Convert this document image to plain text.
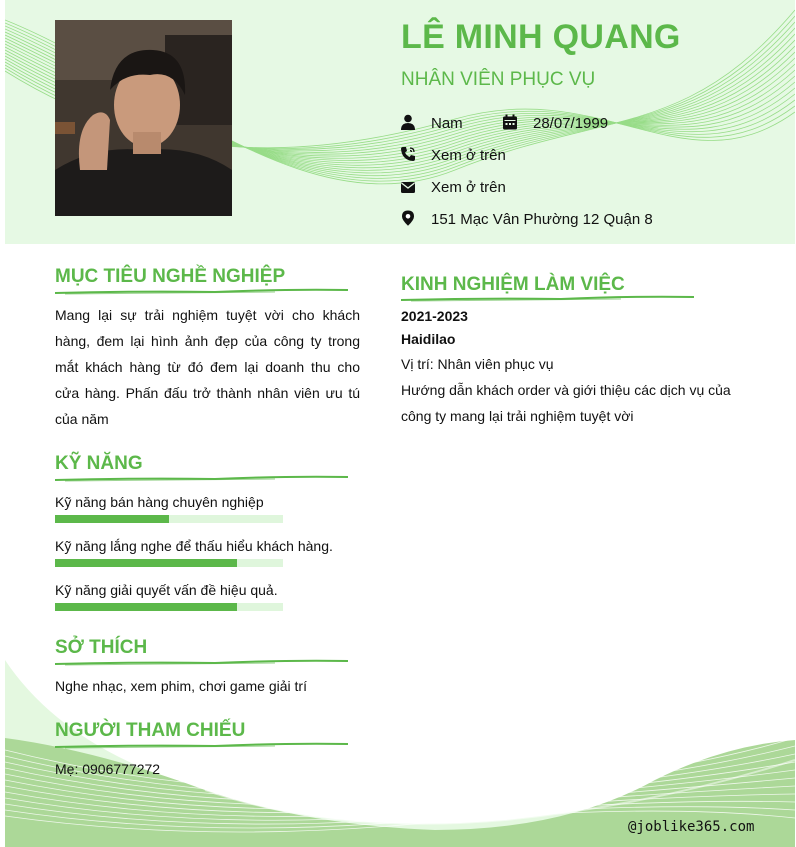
LÊ MINH QUANG
NHÂN VIÊN PHỤC VỤ
Nam	28/07/1999
Xem ở trên
Xem ở trên
151 Mạc Vân Phường 12 Quận 8
MỤC TIÊU NGHỀ NGHIỆP
Mang lại sự trải nghiệm tuyệt vời cho khách hàng, đem lại hình ảnh đẹp của công ty trong mắt khách hàng từ đó đem lại doanh thu cho cửa hàng. Phấn đấu trở thành nhân viên ưu tú của năm
KỸ NĂNG
Kỹ năng bán hàng chuyên nghiệp
Kỹ năng lắng nghe để thấu hiểu khách hàng.
Kỹ năng giải quyết vấn đề hiệu quả.
SỞ THÍCH
Nghe nhạc, xem phim, chơi game giải trí
NGƯỜI THAM CHIẾU
Mẹ: 0906777272
KINH NGHIỆM LÀM VIỆC
2021-2023
Haidilao
Vị trí: Nhân viên phục vụ
Hướng dẫn khách order và giới thiệu các dịch vụ của công ty mang lại trải nghiệm tuyệt vời
@joblike365.com
